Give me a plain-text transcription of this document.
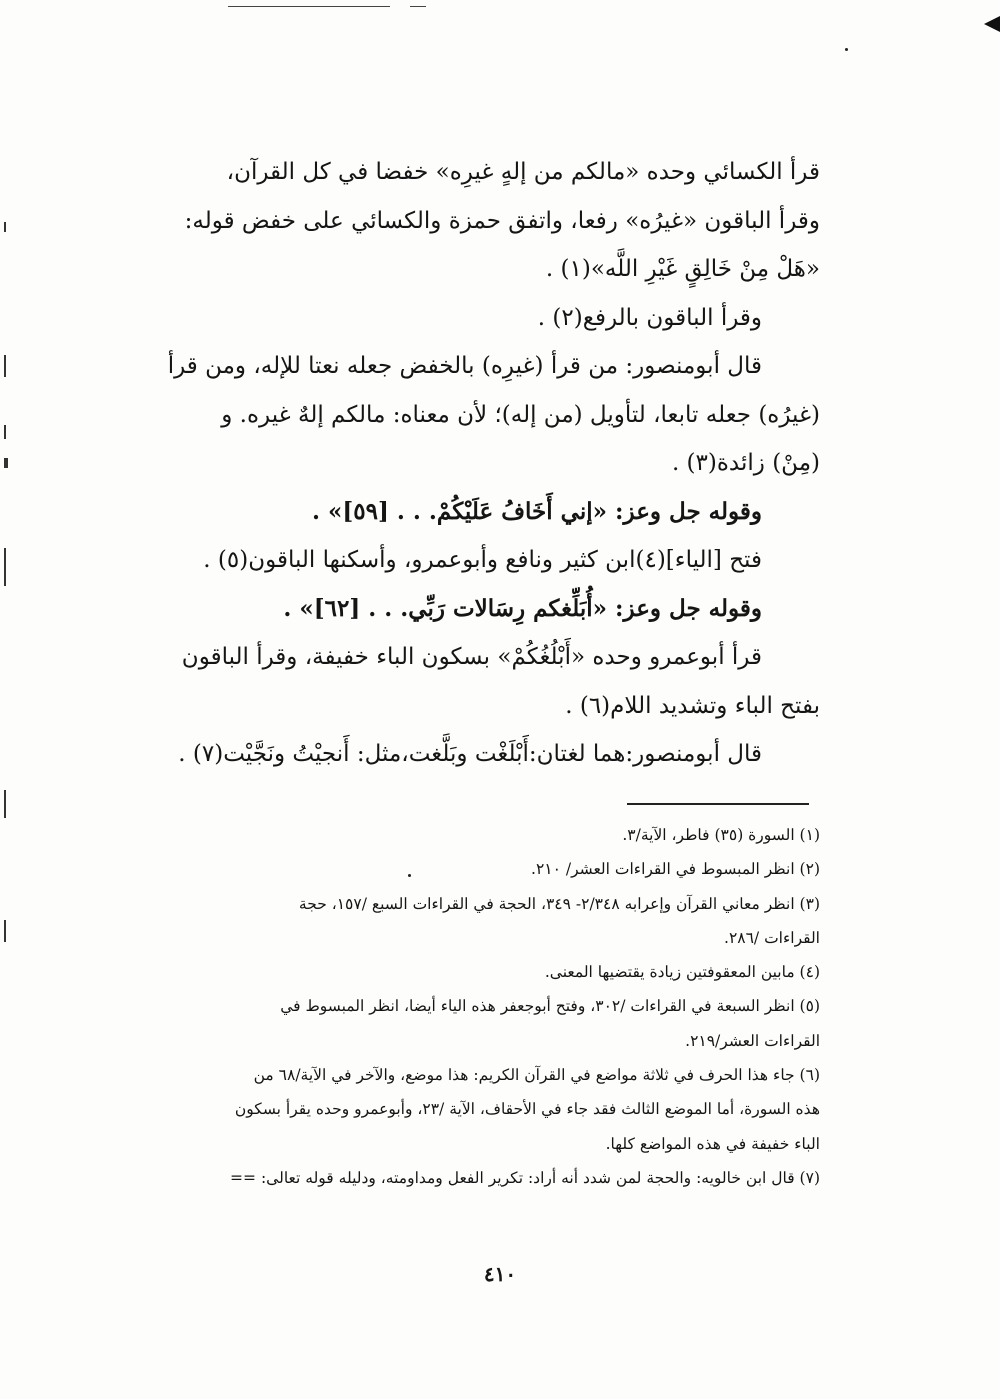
قرأ الكسائي وحده «مالكم من إلهٍ غيرِه» خفضا في كل القرآن،
وقرأ الباقون «غيرُه» رفعا، واتفق حمزة والكسائي على خفض قوله:
«هَلْ مِنْ خَالِقٍ غَيْرِ اللَّه»(١) .
وقرأ الباقون بالرفع(٢) .
قال أبومنصور: من قرأ (غيرِه) بالخفض جعله نعتا للإله، ومن قرأ
(غيرُه) جعله تابعا، لتأويل (من إله)؛ لأن معناه: مالكم إلهٌ غيره. و
(مِنْ) زائدة(٣) .
وقوله جل وعز: «إني أَخَافُ عَلَيْكُمْ. . . [٥٩]» .
فتح [الياء](٤)ابن كثير ونافع وأبوعمرو، وأسكنها الباقون(٥) .
وقوله جل وعز: «أُبَلِّغكم رِسَالات رَبِّي. . . [٦٢]» .
قرأ أبوعمرو وحده «أَبْلُغُكُمْ» بسكون الباء خفيفة، وقرأ الباقون
بفتح الباء وتشديد اللام(٦) .
قال أبومنصور:هما لغتان:أَبْلَغْت وبَلَّغت،مثل: أَنجيْتُ ونَجَّيْت(٧) .
(١) السورة (٣٥) فاطر، الآية/٣.
(٢) انظر المبسوط في القراءات العشر/ ٢١٠.
(٣) انظر معاني القرآن وإعرابه ٢/٣٤٨- ٣٤٩، الحجة في القراءات السبع /١٥٧، حجة
القراءات /٢٨٦.
(٤) مابين المعقوفتين زيادة يقتضيها المعنى.
(٥) انظر السبعة في القراءات /٣٠٢، وفتح أبوجعفر هذه الياء أيضا، انظر المبسوط في
القراءات العشر/٢١٩.
(٦) جاء هذا الحرف في ثلاثة مواضع في القرآن الكريم: هذا موضع، والآخر في الآية/٦٨ من
هذه السورة، أما الموضع الثالث فقد جاء في الأحقاف، الآية /٢٣، وأبوعمرو وحده يقرأ بسكون
الباء خفيفة في هذه المواضع كلها.
(٧) قال ابن خالويه: والحجة لمن شدد أنه أراد: تكرير الفعل ومداومته، ودليله قوله تعالى: ==
٤١٠
